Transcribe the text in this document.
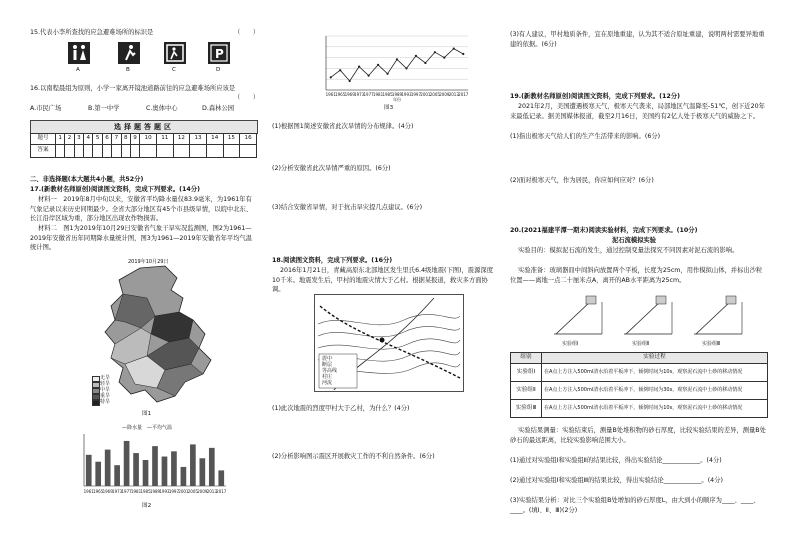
15.代表小李所查找的应急避难场所的标识是	（　　）
P
A	B	C	D
16.以南程晨组为原则，小学一家离开镜池道路前往的应急避难场所应该是
（　　）
A.市民广场	B.第一中学	C.奥体中心	D.森林公园
选择题答题区
题号	1	2	3	4	5	6	7	8	9	10	11	12	13	14	15	16
答案																
二、非选择题(本大题共4小题，共52分)
17.(新教材名师原创)阅读图文资料，完成下列要求。(14分)
材料一　2019年8月中旬以来，安徽省平均降水量仅83.9毫米，为1961年有气象记录以来历史同期最少。全省大部分地区有45个市县级旱情，以皖中北东、长江沿岸区域为重，部分地区出现农作物损害。
材料二　图1为2019年10月29日安徽省气象干旱实况监测图，图2为1961—2019年安徽省历年同期降水量统计图，图3为1961—2019年安徽省年平均气温统计图。
2019年10月29日
无旱
轻旱
中旱
重旱
特旱
图1
—降水量　—平均气温
1961 1965 1969 1973 1977 1981 1985 1989 1993 1997 2001 2005 2009 2013 2017
图2
1961 1965 1969 1973 1977 1981 1985 1989 1993 1997 2001 2005 2009 2013 2017
年份
图3
(1)根据图1简述安徽省此次旱情的分布规律。(4分)
(2)分析安徽省此次旱情严重的原因。(6分)
(3)结合安徽省旱情，对于抗击旱灾提几点建议。(6分)
18.阅读图文资料，完成下列要求。(16分)
2016年1月21日，青藏高原东北部地区发生里氏6.4级地震(下图)，震源深度10千米。地震发生后，甲村的地震灾情大于乙村。根据某报道，救灾多方面协调。
震中
断层
等高线
村庄
河流
(1)此次地震的烈度甲村大于乙村，为什么？(4分)
(2)分析影响图示震区开展救灾工作的不利自然条件。(6分)
(3)有人建议，甲村地质条件，宜在原地重建，认为其不适合原址重建，说明两村需要异地重建的依据。(6分)
19.(新教材名师原创)阅读图文资料，完成下列要求。(12分)
2021年2月，美国遭遇极寒天气，极寒天气袭来，局部地区气温降至-51℃，创下近20年来最低记录。据美国媒体报道，截至2月16日，美国约有2亿人处于极寒天气的威胁之下。
(1)指出极寒天气给人们的生产生活带来的影响。(6分)
(2)面对极寒天气，作为居民，你应如何应对？(6分)
20.(2021福建平潭一期末)阅读实验材料，完成下列要求。(10分)
泥石流模拟实验
实验目的：模拟泥石流的发生，通过控制变量法探究不同因素对泥石流的影响。
实验准备：玻璃器皿中间斜向放置两个平板，长度为25cm，用作模拟山体，并标出沙粒位置——离地一点二十厘米点A，离开的AB水平距离为25cm。
实验组Ⅰ	实验组Ⅱ	实验组Ⅲ
组别	实验过程
实验组Ⅰ	在A点上方注入500ml清水沿着平板冲下，倾倒时间为10s，观察泥石流中土砂的移动情况
实验组Ⅱ	在A点上方注入500ml清水沿着平板冲下，倾倒时间为30s，观察泥石流中土砂的移动情况
实验组Ⅲ	在A点上方注入500ml清水沿着平板冲下，倾倒时间为10s，观察泥石流中土砂的移动情况
实验结果测量：实验结束后，测量B处堆积物的砂石厚度，比较实验结果的差异，测量B处砂石的最远距离，比较实验影响范围大小。
(1)通过对实验组Ⅰ和实验组Ⅱ的结果比较，得出实验结论____________。(4分)
(2)通过对实验组Ⅰ和实验组Ⅲ的结果比较，得出实验结论____________。(4分)
(3)实验结果分析：对比三个实验组B处增加的砂石厚度L，由大到小的顺序为____、____、____。(填Ⅰ、Ⅱ、Ⅲ)(2分)
